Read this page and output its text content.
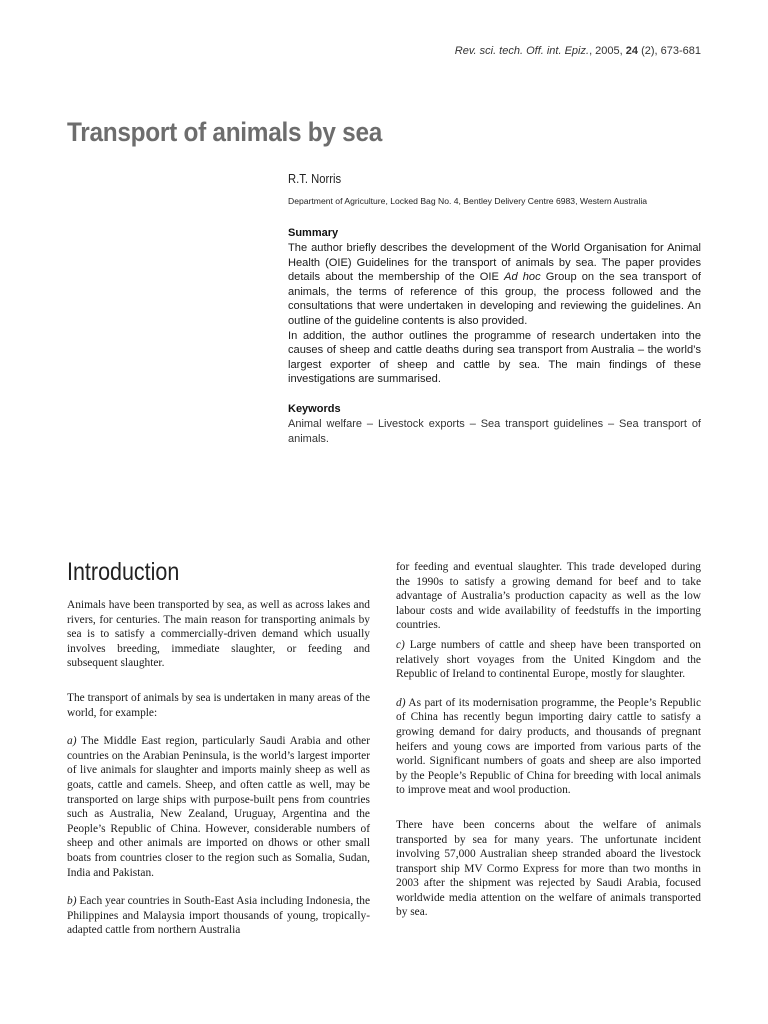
Rev. sci. tech. Off. int. Epiz., 2005, 24 (2), 673-681
Transport of animals by sea
R.T. Norris
Department of Agriculture, Locked Bag No. 4, Bentley Delivery Centre 6983, Western Australia
Summary

The author briefly describes the development of the World Organisation for Animal Health (OIE) Guidelines for the transport of animals by sea. The paper provides details about the membership of the OIE Ad hoc Group on the sea transport of animals, the terms of reference of this group, the process followed and the consultations that were undertaken in developing and reviewing the guidelines. An outline of the guideline contents is also provided.

In addition, the author outlines the programme of research undertaken into the causes of sheep and cattle deaths during sea transport from Australia – the world’s largest exporter of sheep and cattle by sea. The main findings of these investigations are summarised.

Keywords

Animal welfare – Livestock exports – Sea transport guidelines – Sea transport of animals.

Introduction

Animals have been transported by sea, as well as across lakes and rivers, for centuries. The main reason for transporting animals by sea is to satisfy a commercially-driven demand which usually involves breeding, immediate slaughter, or feeding and subsequent slaughter.

The transport of animals by sea is undertaken in many areas of the world, for example:

a) The Middle East region, particularly Saudi Arabia and other countries on the Arabian Peninsula, is the world’s largest importer of live animals for slaughter and imports mainly sheep as well as goats, cattle and camels. Sheep, and often cattle as well, may be transported on large ships with purpose-built pens from countries such as Australia, New Zealand, Uruguay, Argentina and the People’s Republic of China. However, considerable numbers of sheep and other animals are imported on dhows or other small boats from countries closer to the region such as Somalia, Sudan, India and Pakistan.

b) Each year countries in South-East Asia including Indonesia, the Philippines and Malaysia import thousands of young, tropically-adapted cattle from northern Australia

for feeding and eventual slaughter. This trade developed during the 1990s to satisfy a growing demand for beef and to take advantage of Australia’s production capacity as well as the low labour costs and wide availability of feedstuffs in the importing countries.

c) Large numbers of cattle and sheep have been transported on relatively short voyages from the United Kingdom and the Republic of Ireland to continental Europe, mostly for slaughter.

d) As part of its modernisation programme, the People’s Republic of China has recently begun importing dairy cattle to satisfy a growing demand for dairy products, and thousands of pregnant heifers and young cows are imported from various parts of the world. Significant numbers of goats and sheep are also imported by the People’s Republic of China for breeding with local animals to improve meat and wool production.

There have been concerns about the welfare of animals transported by sea for many years. The unfortunate incident involving 57,000 Australian sheep stranded aboard the livestock transport ship MV Cormo Express for more than two months in 2003 after the shipment was rejected by Saudi Arabia, focused worldwide media attention on the welfare of animals transported by sea.
